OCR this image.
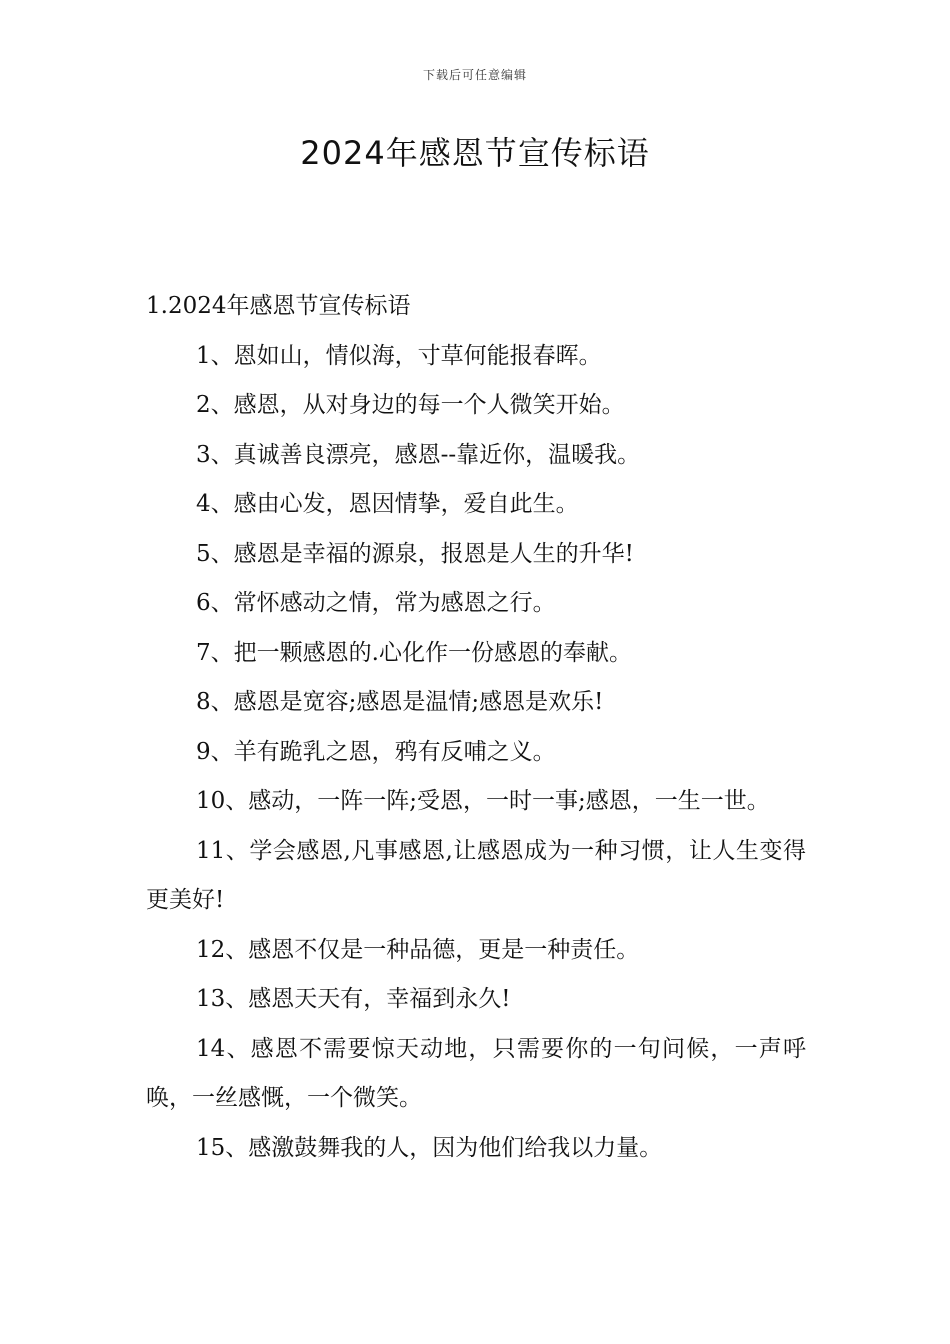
下载后可任意编辑
2024年感恩节宣传标语
1.2024年感恩节宣传标语
1、恩如山，情似海，寸草何能报春晖。
2、感恩，从对身边的每一个人微笑开始。
3、真诚善良漂亮，感恩--靠近你，温暖我。
4、感由心发，恩因情挚，爱自此生。
5、感恩是幸福的源泉，报恩是人生的升华!
6、常怀感动之情，常为感恩之行。
7、把一颗感恩的.心化作一份感恩的奉献。
8、感恩是宽容;感恩是温情;感恩是欢乐!
9、羊有跪乳之恩，鸦有反哺之义。
10、感动，一阵一阵;受恩，一时一事;感恩，一生一世。
11、学会感恩,凡事感恩,让感恩成为一种习惯，让人生变得更美好!
12、感恩不仅是一种品德，更是一种责任。
13、感恩天天有，幸福到永久!
14、感恩不需要惊天动地，只需要你的一句问候，一声呼唤，一丝感慨，一个微笑。
15、感激鼓舞我的人，因为他们给我以力量。
